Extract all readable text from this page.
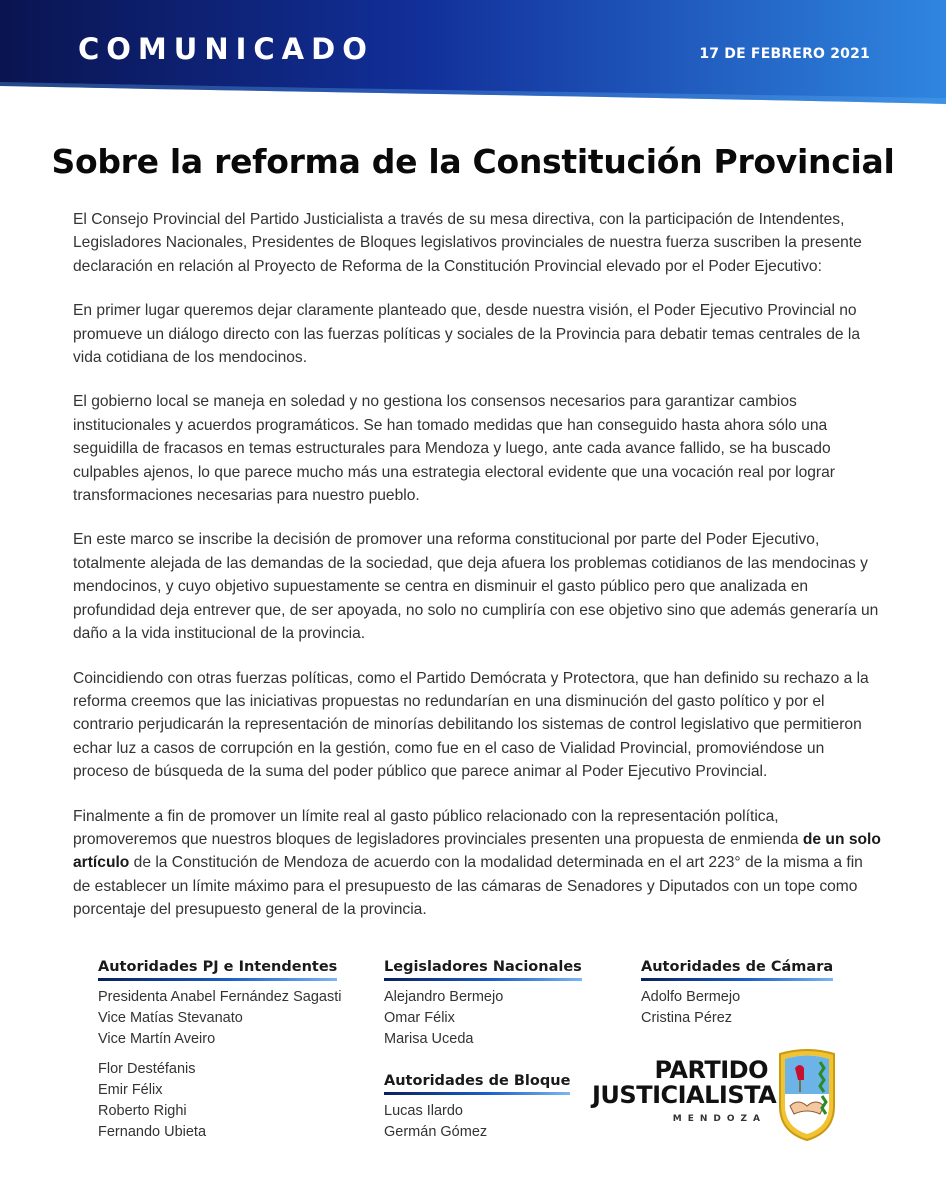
COMUNICADO	17 DE FEBRERO 2021
Sobre la reforma de la Constitución Provincial

El Consejo Provincial del Partido Justicialista a través de su mesa directiva, con la participación de Intendentes, Legisladores Nacionales, Presidentes de Bloques legislativos provinciales de nuestra fuerza suscriben la presente declaración en relación al Proyecto de Reforma de la Constitución Provincial elevado por el Poder Ejecutivo:

En primer lugar queremos dejar claramente planteado que, desde nuestra visión, el Poder Ejecutivo Provincial no promueve un diálogo directo con las fuerzas políticas y sociales de la Provincia para debatir temas centrales de la vida cotidiana de los mendocinos.

El gobierno local se maneja en soledad y no gestiona los consensos necesarios para garantizar cambios institucionales y acuerdos programáticos. Se han tomado medidas que han conseguido hasta ahora sólo una seguidilla de fracasos en temas estructurales para Mendoza y luego, ante cada avance fallido, se ha buscado culpables ajenos, lo que parece mucho más una estrategia electoral evidente que una vocación real por lograr transformaciones necesarias para nuestro pueblo.

En este marco se inscribe la decisión de promover una reforma constitucional por parte del Poder Ejecutivo, totalmente alejada de las demandas de la sociedad, que deja afuera los problemas cotidianos de las mendocinas y mendocinos, y cuyo objetivo supuestamente se centra en disminuir el gasto público pero que analizada en profundidad deja entrever que, de ser apoyada, no solo no cumpliría con ese objetivo sino que además generaría un daño a la vida institucional de la provincia.

Coincidiendo con otras fuerzas políticas, como el Partido Demócrata y Protectora, que han definido su rechazo a la reforma creemos que las iniciativas propuestas no redundarían en una disminución del gasto político y por el contrario perjudicarán la representación de minorías debilitando los sistemas de control legislativo que permitieron echar luz a casos de corrupción en la gestión, como fue en el caso de Vialidad Provincial, promoviéndose un proceso de búsqueda de la suma del poder público que parece animar al Poder Ejecutivo Provincial.

Finalmente a fin de promover un límite real al gasto público relacionado con la representación política, promoveremos que nuestros bloques de legisladores provinciales presenten una propuesta de enmienda de un solo artículo de la Constitución de Mendoza de acuerdo con la modalidad determinada en el art 223° de la misma a fin de establecer un límite máximo para el presupuesto de las cámaras de Senadores y Diputados con un tope como porcentaje del presupuesto general de la provincia.

Autoridades PJ e Intendentes
Presidenta Anabel Fernández Sagasti
Vice Matías Stevanato
Vice Martín Aveiro
Flor Destéfanis
Emir Félix
Roberto Righi
Fernando Ubieta
Legisladores Nacionales
Alejandro Bermejo
Omar Félix
Marisa Uceda
Autoridades de Bloque
Lucas Ilardo
Germán Gómez
Autoridades de Cámara
Adolfo Bermejo
Cristina Pérez
PARTIDO
JUSTICIALISTA
MENDOZA
